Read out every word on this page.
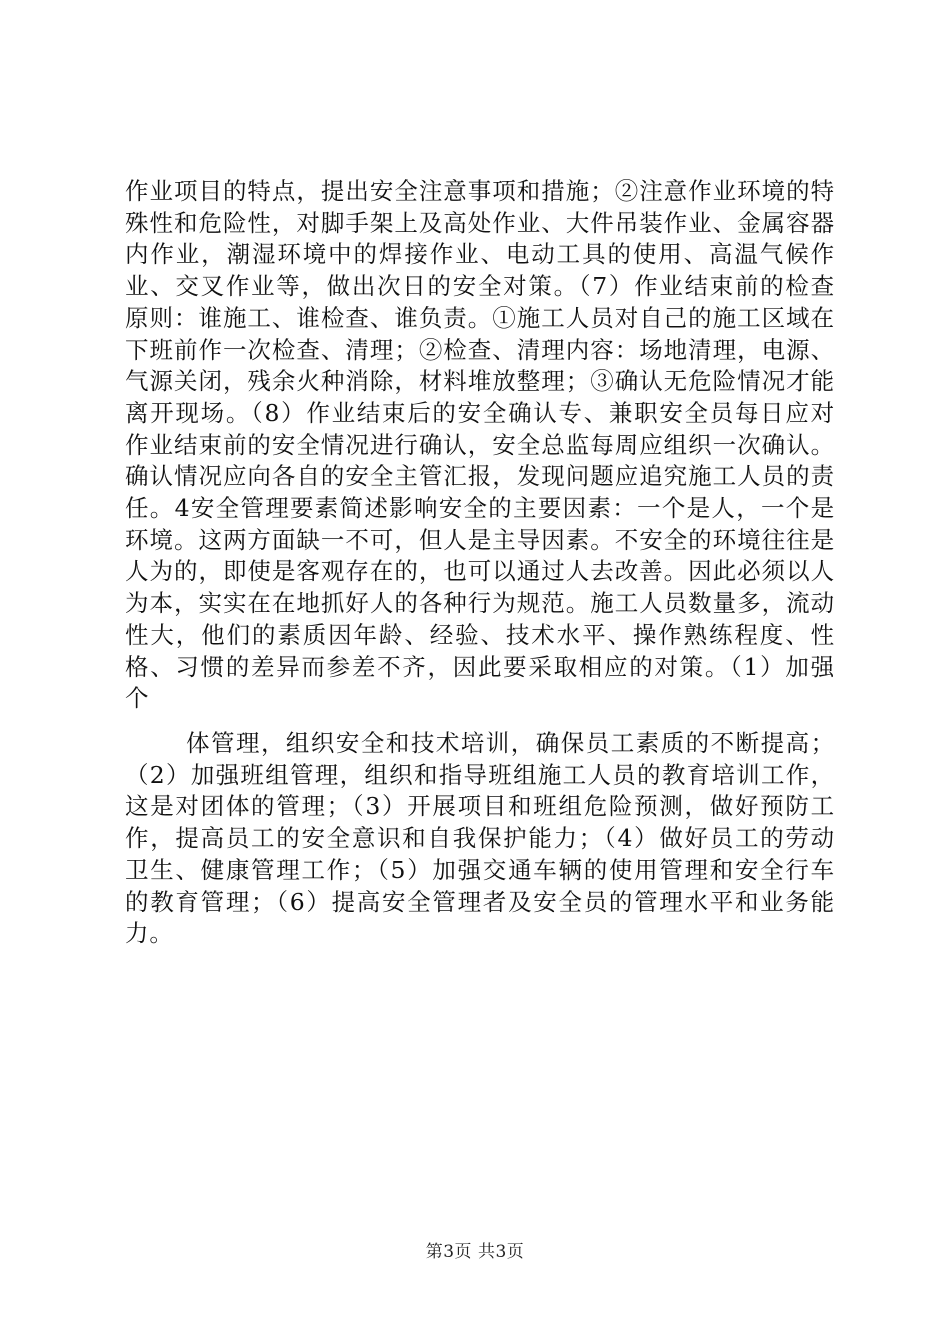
作业项目的特点，提出安全注意事项和措施；②注意作业环境的特殊性和危险性，对脚手架上及高处作业、大件吊装作业、金属容器内作业，潮湿环境中的焊接作业、电动工具的使用、高温气候作业、交叉作业等，做出次日的安全对策。（7）作业结束前的检查原则：谁施工、谁检查、谁负责。①施工人员对自己的施工区域在下班前作一次检查、清理；②检查、清理内容：场地清理，电源、气源关闭，残余火种消除，材料堆放整理；③确认无危险情况才能离开现场。（8）作业结束后的安全确认专、兼职安全员每日应对作业结束前的安全情况进行确认，安全总监每周应组织一次确认。确认情况应向各自的安全主管汇报，发现问题应追究施工人员的责任。4安全管理要素简述影响安全的主要因素：一个是人，一个是环境。这两方面缺一不可，但人是主导因素。不安全的环境往往是人为的，即使是客观存在的，也可以通过人去改善。因此必须以人为本，实实在在地抓好人的各种行为规范。施工人员数量多，流动性大，他们的素质因年龄、经验、技术水平、操作熟练程度、性格、习惯的差异而参差不齐，因此要采取相应的对策。（1）加强个

体管理，组织安全和技术培训，确保员工素质的不断提高；（2）加强班组管理，组织和指导班组施工人员的教育培训工作，这是对团体的管理；（3）开展项目和班组危险预测，做好预防工作，提高员工的安全意识和自我保护能力；（4）做好员工的劳动卫生、健康管理工作；（5）加强交通车辆的使用管理和安全行车的教育管理；（6）提高安全管理者及安全员的管理水平和业务能力。

第3页 共3页
